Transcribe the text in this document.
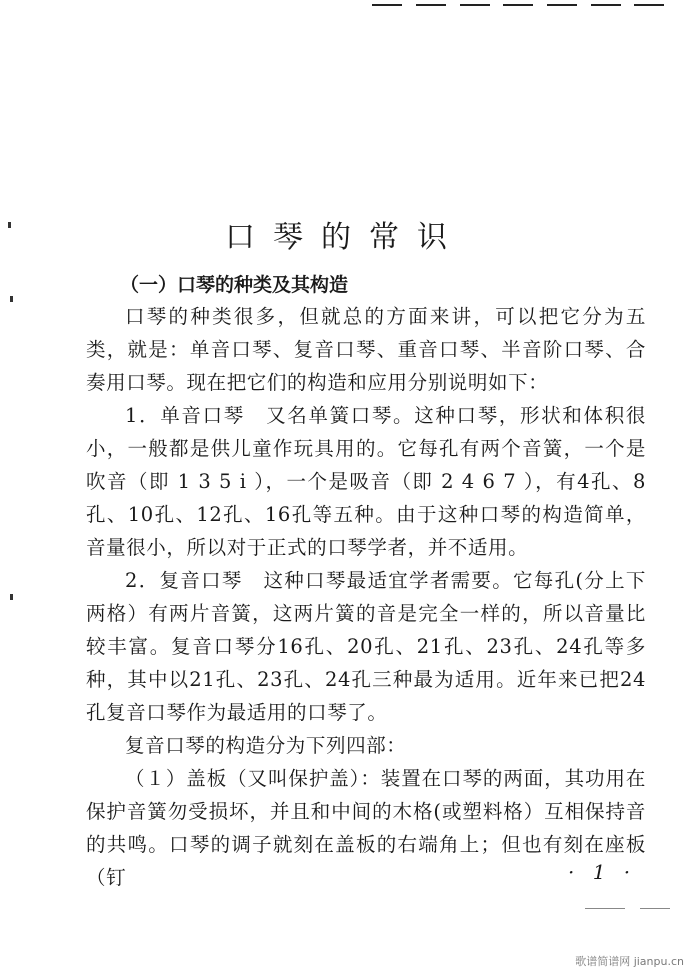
口琴的常识
（一）口琴的种类及其构造

口琴的种类很多，但就总的方面来讲，可以把它分为五类，就是：单音口琴、复音口琴、重音口琴、半音阶口琴、合奏用口琴。现在把它们的构造和应用分别说明如下：

1．单音口琴　又名单簧口琴。这种口琴，形状和体积很小，一般都是供儿童作玩具用的。它每孔有两个音簧，一个是吹音（即 1 3 5 i ），一个是吸音（即 2 4 6 7 ），有4孔、8孔、10孔、12孔、16孔等五种。由于这种口琴的构造简单，音量很小，所以对于正式的口琴学者，并不适用。

2．复音口琴　这种口琴最适宜学者需要。它每孔(分上下两格）有两片音簧，这两片簧的音是完全一样的，所以音量比较丰富。复音口琴分16孔、20孔、21孔、23孔、24孔等多种，其中以21孔、23孔、24孔三种最为适用。近年来已把24孔复音口琴作为最适用的口琴了。

复音口琴的构造分为下列四部：

（１）盖板（又叫保护盖）：装置在口琴的两面，其功用在保护音簧勿受损坏，并且和中间的木格(或塑料格）互相保持音的共鸣。口琴的调子就刻在盖板的右端角上；但也有刻在座板（钉	· 1 ·
歌谱简谱网 jianpu.cn
